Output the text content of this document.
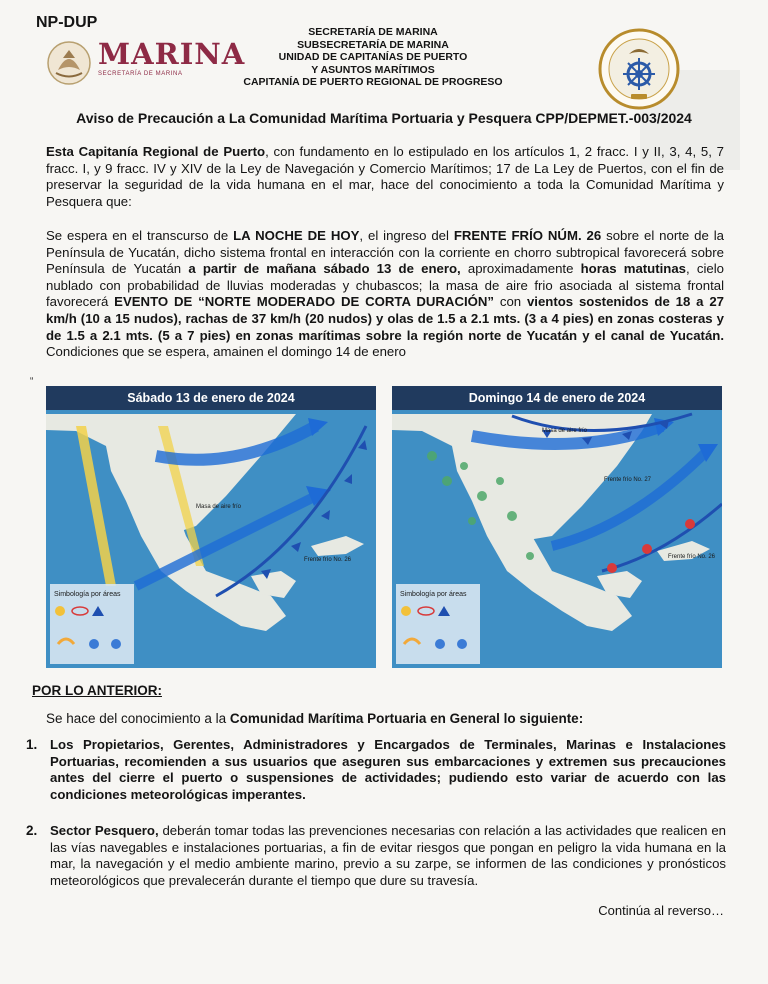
NP-DUP
MARINA
SECRETARÍA DE MARINA
SECRETARÍA DE MARINA
SUBSECRETARÍA DE MARINA
UNIDAD DE CAPITANÍAS DE PUERTO
Y ASUNTOS MARÍTIMOS
CAPITANÍA DE PUERTO REGIONAL DE PROGRESO
Aviso de Precaución a La Comunidad Marítima Portuaria y Pesquera CPP/DEPMET.-003/2024
Esta Capitanía Regional de Puerto, con fundamento en lo estipulado en los artículos 1, 2 fracc. I y II, 3, 4, 5, 7 fracc. I, y 9 fracc. IV y XIV de la Ley de Navegación y Comercio Marítimos; 17 de La Ley de Puertos, con el fin de preservar la seguridad de la vida humana en el mar, hace del conocimiento a toda la Comunidad Marítima y Pesquera que:
Se espera en el transcurso de LA NOCHE DE HOY, el ingreso del FRENTE FRÍO NÚM. 26 sobre el norte de la Península de Yucatán, dicho sistema frontal en interacción con la corriente en chorro subtropical favorecerá sobre Península de Yucatán a partir de mañana sábado 13 de enero, aproximadamente horas matutinas, cielo nublado con probabilidad de lluvias moderadas y chubascos; la masa de aire frio asociada al sistema frontal favorecerá EVENTO DE “NORTE MODERADO DE CORTA DURACIÓN” con vientos sostenidos de 18 a 27 km/h (10 a 15 nudos), rachas de 37 km/h (20 nudos) y olas de 1.5 a 2.1 mts. (3 a 4 pies) en zonas costeras y de 1.5 a 2.1 mts. (5 a 7 pies) en zonas marítimas sobre la región norte de Yucatán y el canal de Yucatán. Condiciones que se espera, amainen el domingo 14 de enero
“
Sábado 13 de enero de 2024
Masa de aire frío
Frente frío No. 26
Simbología por áreas
Domingo 14 de enero de 2024
Masa de aire frío
Frente frío No. 27
Frente frío No. 26
Simbología por áreas
POR LO ANTERIOR:
Se hace del conocimiento a la Comunidad Marítima Portuaria en General lo siguiente:
1. Los Propietarios, Gerentes, Administradores y Encargados de Terminales, Marinas e Instalaciones Portuarias, recomienden a sus usuarios que aseguren sus embarcaciones y extremen sus precauciones antes del cierre el puerto o suspensiones de actividades; pudiendo esto variar de acuerdo con las condiciones meteorológicas imperantes.
2. Sector Pesquero, deberán tomar todas las prevenciones necesarias con relación a las actividades que realicen en las vías navegables e instalaciones portuarias, a fin de evitar riesgos que pongan en peligro la vida humana en la mar, la navegación y el medio ambiente marino, previo a su zarpe, se informen de las condiciones y pronósticos meteorológicos que prevalecerán durante el tiempo que dure su travesía.
Continúa al reverso…
